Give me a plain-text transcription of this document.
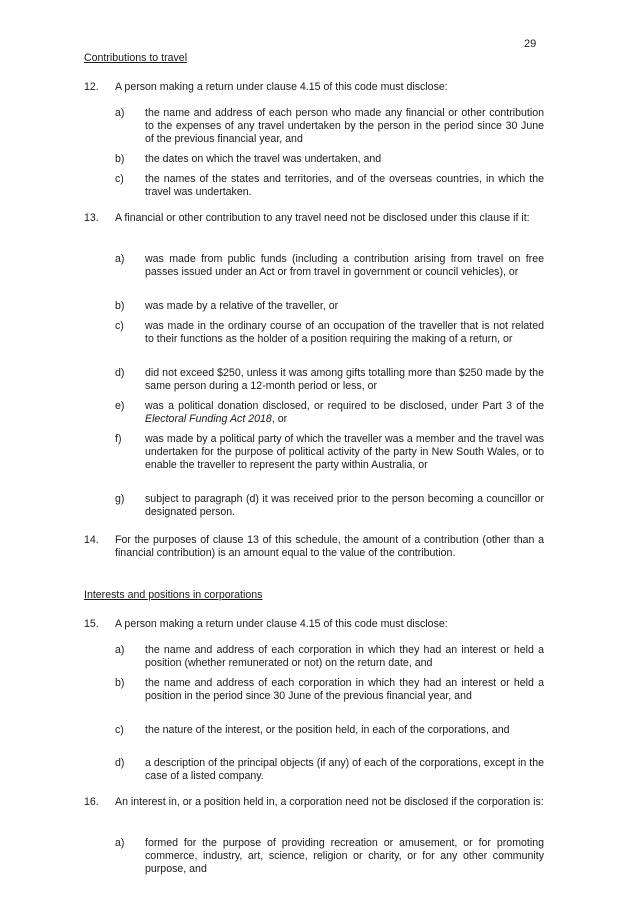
29
Contributions to travel
12. A person making a return under clause 4.15 of this code must disclose:
a) the name and address of each person who made any financial or other contribution to the expenses of any travel undertaken by the person in the period since 30 June of the previous financial year, and
b) the dates on which the travel was undertaken, and
c) the names of the states and territories, and of the overseas countries, in which the travel was undertaken.
13. A financial or other contribution to any travel need not be disclosed under this clause if it:
a) was made from public funds (including a contribution arising from travel on free passes issued under an Act or from travel in government or council vehicles), or
b) was made by a relative of the traveller, or
c) was made in the ordinary course of an occupation of the traveller that is not related to their functions as the holder of a position requiring the making of a return, or
d) did not exceed $250, unless it was among gifts totalling more than $250 made by the same person during a 12-month period or less, or
e) was a political donation disclosed, or required to be disclosed, under Part 3 of the Electoral Funding Act 2018, or
f) was made by a political party of which the traveller was a member and the travel was undertaken for the purpose of political activity of the party in New South Wales, or to enable the traveller to represent the party within Australia, or
g) subject to paragraph (d) it was received prior to the person becoming a councillor or designated person.
14. For the purposes of clause 13 of this schedule, the amount of a contribution (other than a financial contribution) is an amount equal to the value of the contribution.
Interests and positions in corporations
15. A person making a return under clause 4.15 of this code must disclose:
a) the name and address of each corporation in which they had an interest or held a position (whether remunerated or not) on the return date, and
b) the name and address of each corporation in which they had an interest or held a position in the period since 30 June of the previous financial year, and
c) the nature of the interest, or the position held, in each of the corporations, and
d) a description of the principal objects (if any) of each of the corporations, except in the case of a listed company.
16. An interest in, or a position held in, a corporation need not be disclosed if the corporation is:
a) formed for the purpose of providing recreation or amusement, or for promoting commerce, industry, art, science, religion or charity, or for any other community purpose, and
